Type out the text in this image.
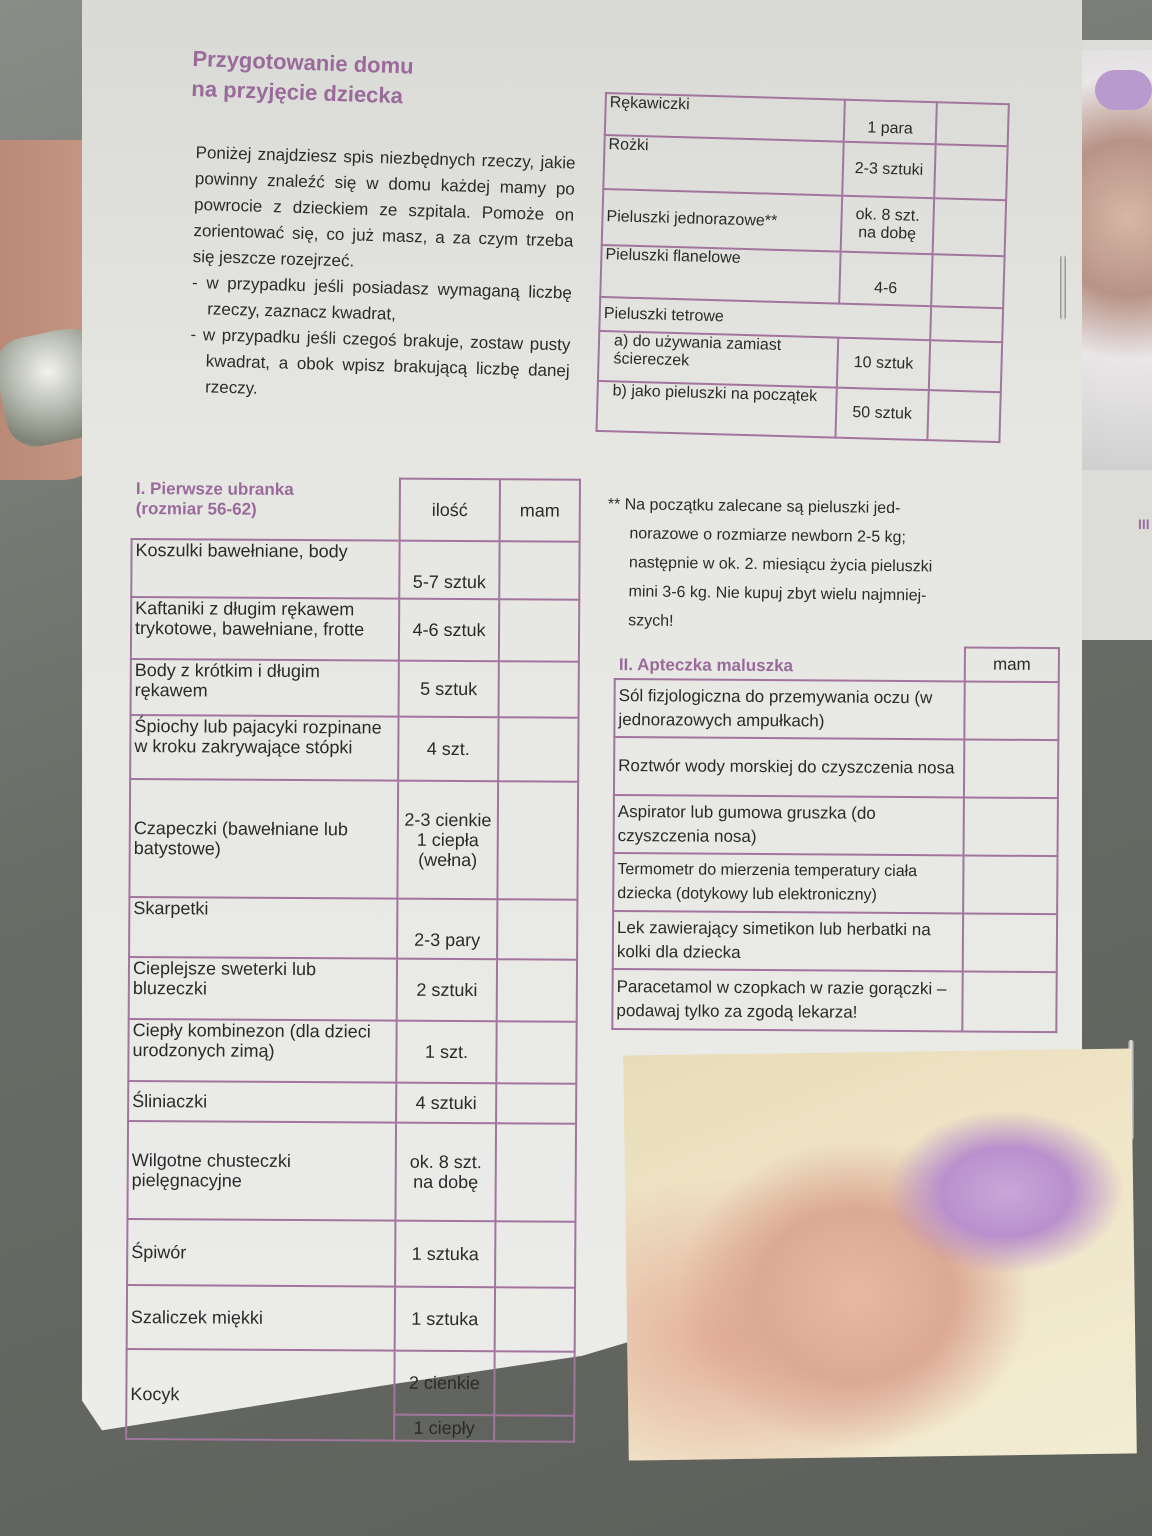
III
Przygotowanie domu
na przyjęcie dziecka

Poniżej znajdziesz spis niezbędnych rzeczy, jakie powinny znaleźć się w domu każdej mamy po powrocie z dzieckiem ze szpitala. Pomoże on zorientować się, co już masz, a za czym trzeba się jeszcze rozejrzeć.

- w przypadku jeśli posiadasz wymaganą liczbę rzeczy, zaznacz kwadrat,

- w przypadku jeśli czegoś brakuje, zostaw pusty kwadrat, a obok wpisz brakującą liczbę danej rzeczy.

I. Pierwsze ubranka
(rozmiar 56-62)	ilość	mam
Koszulki bawełniane, body	5-7 sztuk	
Kaftaniki z długim rękawem trykotowe, bawełniane, frotte	4-6 sztuk	
Body z krótkim i długim rękawem	5 sztuk	
Śpiochy lub pajacyki rozpinane w kroku zakrywające stópki	4 szt.	
Czapeczki (bawełniane lub batystowe)	2-3 cienkie 1 ciepła (wełna)	
Skarpetki	2-3 pary	
Cieplejsze sweterki lub bluzeczki	2 sztuki	
Ciepły kombinezon (dla dzieci urodzonych zimą)	1 szt.	
Śliniaczki	4 sztuki	
Wilgotne chusteczki pielęgnacyjne	ok. 8 szt. na dobę	
Śpiwór	1 sztuka	
Szaliczek miękki	1 sztuka	
Kocyk	2 cienkie	
	1 ciepły	
Rękawiczki	1 para	
Rożki	2-3 sztuki	
Pieluszki jednorazowe**	ok. 8 szt. na dobę	
Pieluszki flanelowe	4-6	
Pieluszki tetrowe		
a) do używania zamiast ściereczek	10 sztuk	
b) jako pieluszki na początek	50 sztuk	
** Na początku zalecane są pieluszki jed-
norazowe o rozmiarze newborn 2-5 kg;
następnie w ok. 2. miesiącu życia pieluszki
mini 3-6 kg. Nie kupuj zbyt wielu najmniej-
szych!
II. Apteczka maluszka	mam
Sól fizjologiczna do przemywania oczu (w jednorazowych ampułkach)	
Roztwór wody morskiej do czyszczenia nosa	
Aspirator lub gumowa gruszka (do czyszczenia nosa)	
Termometr do mierzenia temperatury ciała dziecka (dotykowy lub elektroniczny)	
Lek zawierający simetikon lub herbatki na kolki dla dziecka	
Paracetamol w czopkach w razie gorączki – podawaj tylko za zgodą lekarza!	
